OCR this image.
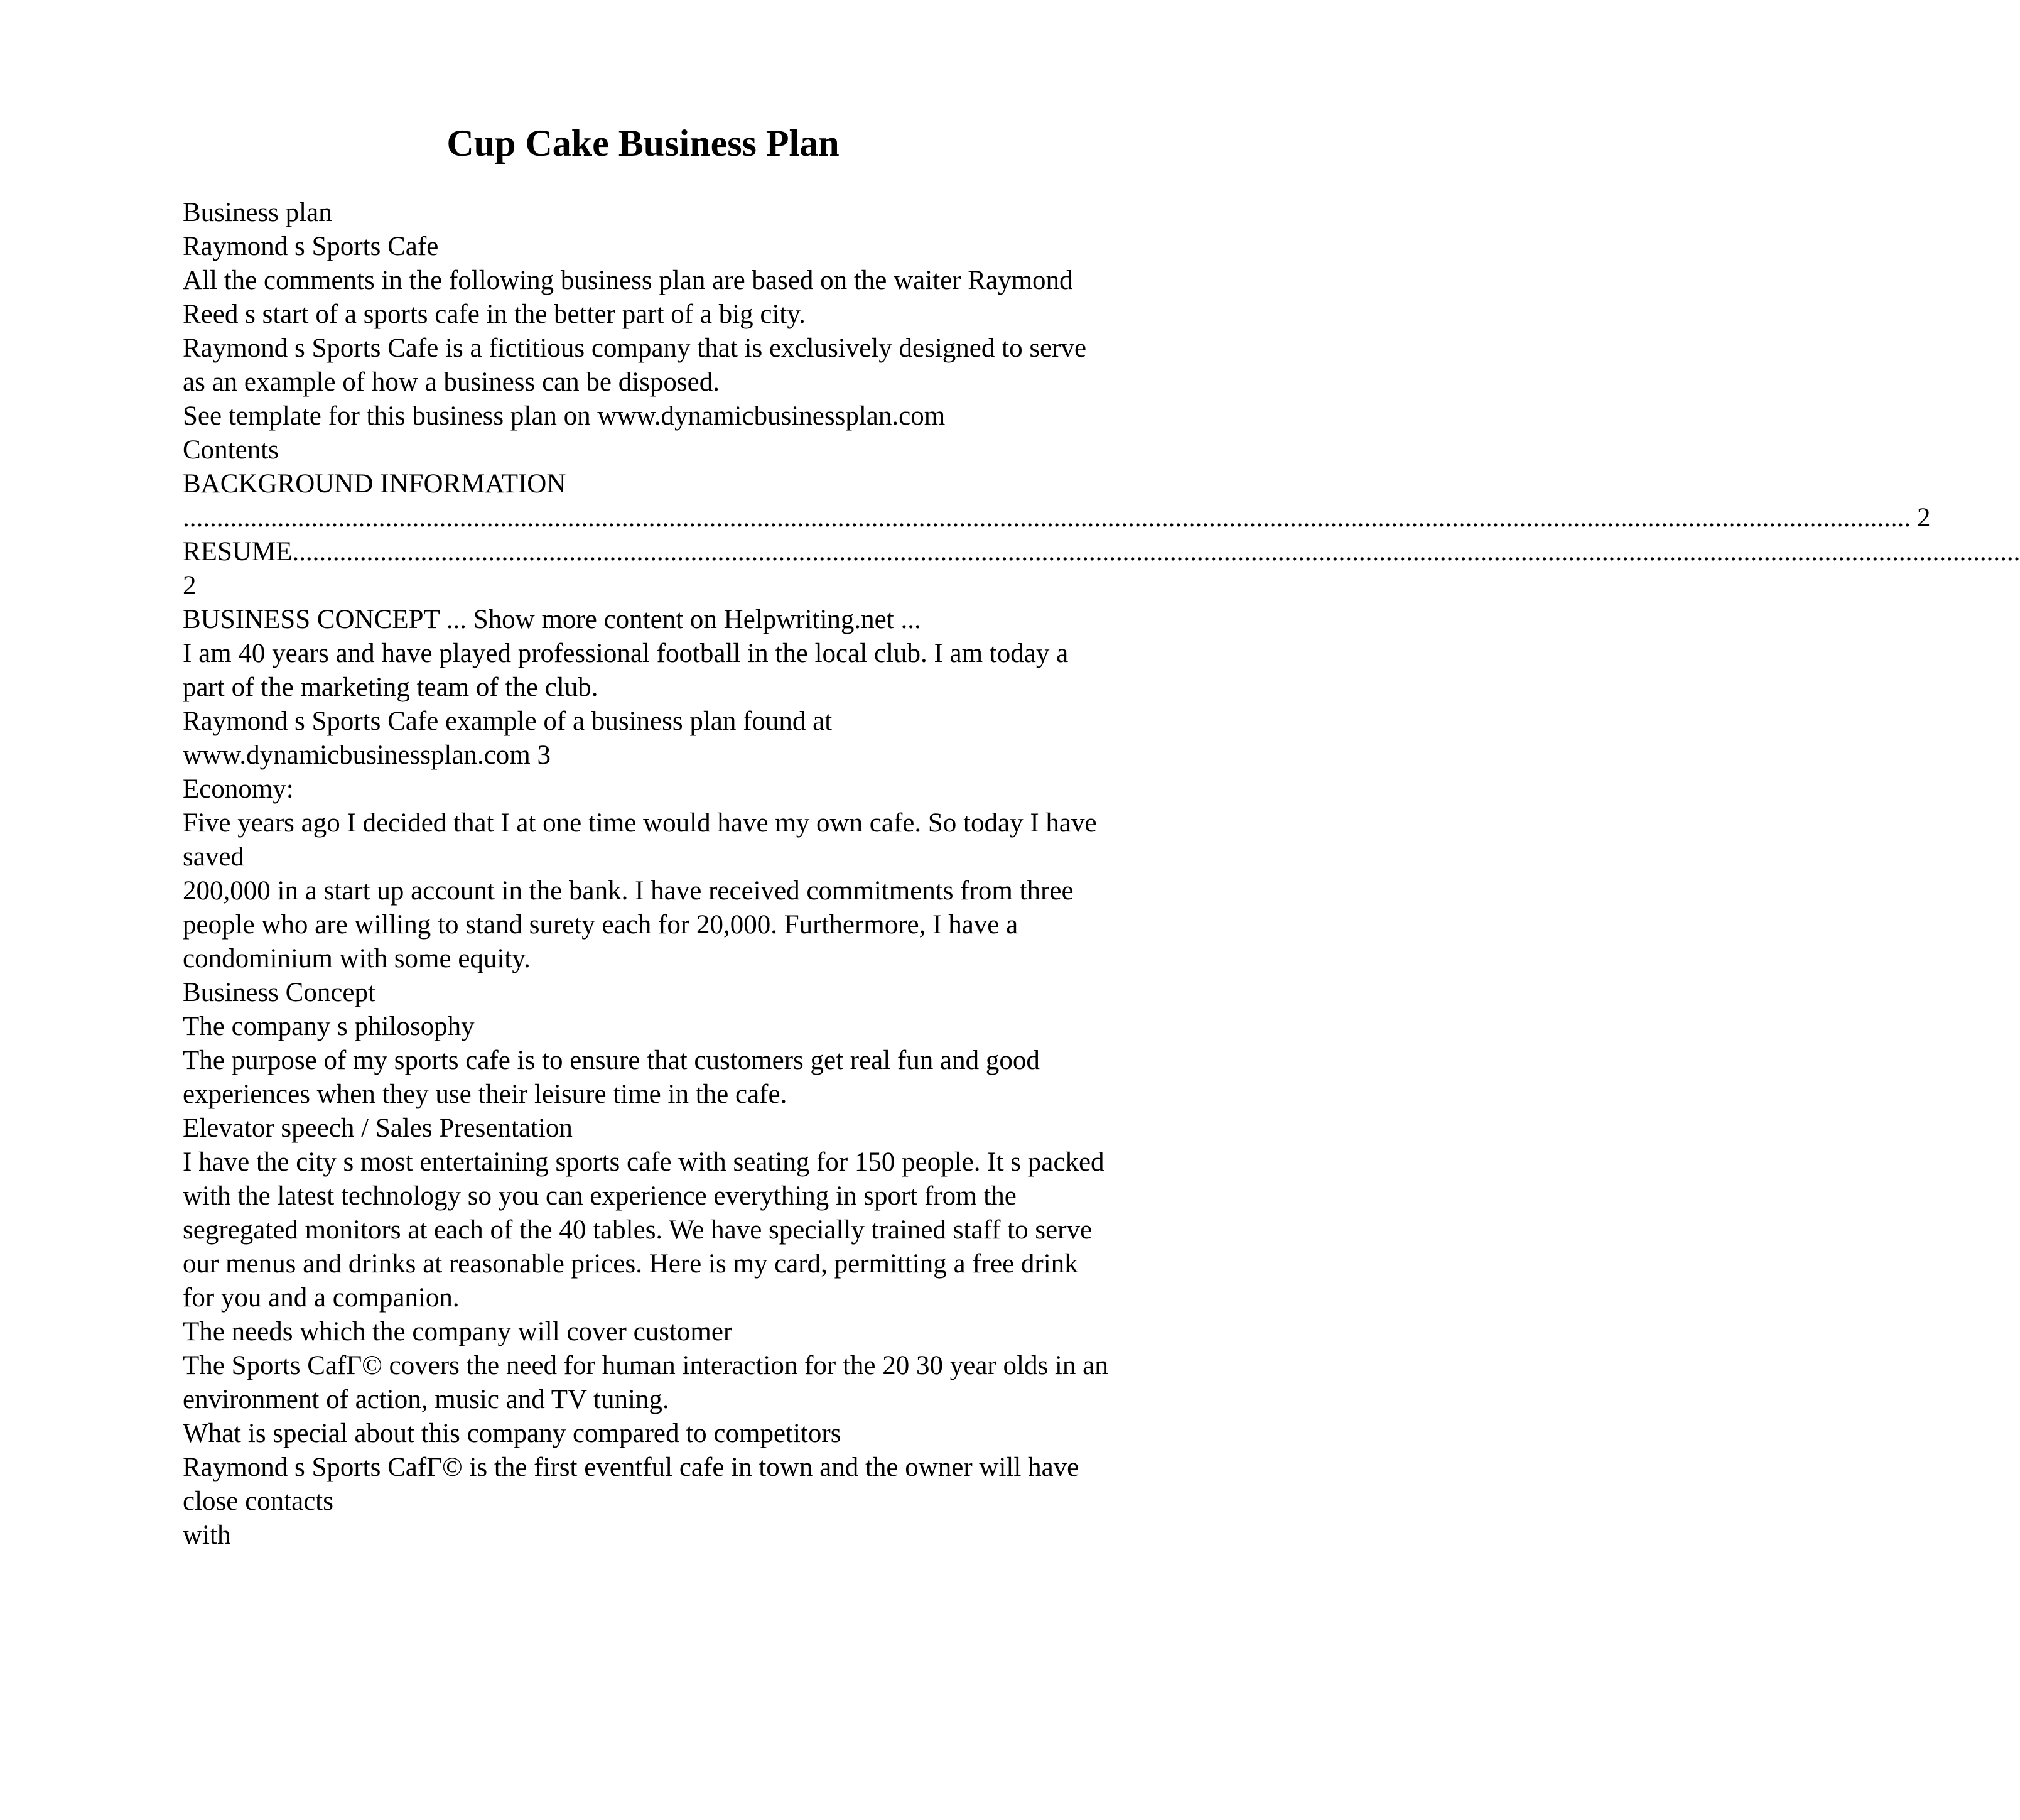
Cup Cake Business Plan
Business plan
Raymond s Sports Cafe
All the comments in the following business plan are based on the waiter Raymond
Reed s start of a sports cafe in the better part of a big city.
Raymond s Sports Cafe is a fictitious company that is exclusively designed to serve
as an example of how a business can be disposed.
See template for this business plan on www.dynamicbusinessplan.com
Contents
BACKGROUND INFORMATION
................................................................................................................................................................................................................................................................ 2
RESUME ................................................................................................................................................................................................................................................................
2
BUSINESS CONCEPT ... Show more content on Helpwriting.net ...
I am 40 years and have played professional football in the local club. I am today a
part of the marketing team of the club.
Raymond s Sports Cafe example of a business plan found at
www.dynamicbusinessplan.com 3
Economy:
Five years ago I decided that I at one time would have my own cafe. So today I have
saved
200,000 in a start up account in the bank. I have received commitments from three
people who are willing to stand surety each for 20,000. Furthermore, I have a
condominium with some equity.
Business Concept
The company s philosophy
The purpose of my sports cafe is to ensure that customers get real fun and good
experiences when they use their leisure time in the cafe.
Elevator speech / Sales Presentation
I have the city s most entertaining sports cafe with seating for 150 people. It s packed
with the latest technology so you can experience everything in sport from the
segregated monitors at each of the 40 tables. We have specially trained staff to serve
our menus and drinks at reasonable prices. Here is my card, permitting a free drink
for you and a companion.
The needs which the company will cover customer
The Sports CafГ© covers the need for human interaction for the 20 30 year olds in an
environment of action, music and TV tuning.
What is special about this company compared to competitors
Raymond s Sports CafГ© is the first eventful cafe in town and the owner will have
close contacts
with
